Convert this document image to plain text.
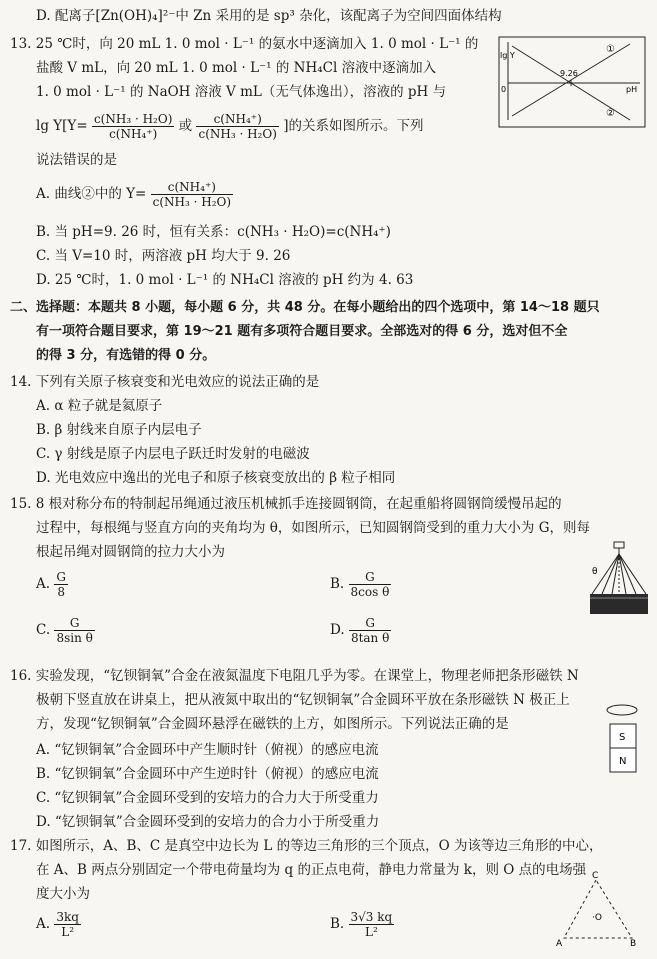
D. 配离子[Zn(OH)₄]²⁻中 Zn 采用的是 sp³ 杂化，该配离子为空间四面体结构
13. 25 ℃时，向 20 mL 1. 0 mol · L⁻¹ 的氨水中逐滴加入 1. 0 mol · L⁻¹ 的
盐酸 V mL，向 20 mL 1. 0 mol · L⁻¹ 的 NH₄Cl 溶液中逐滴加入
1. 0 mol · L⁻¹ 的 NaOH 溶液 V mL（无气体逸出），溶液的 pH 与
$\lg Y[Y= \frac{\text{c(NH₃ · H₂O)}}{\text{c(NH₄⁺)}}$ 或 $\frac{\text{c(NH₄⁺)}}{\text{c(NH₃ · H₂O)}}$ ]的关系如图所示。下列
说法错误的是
A. 曲线②中的 $Y= \frac{\text{c(NH₄⁺)}}{\text{c(NH₃ · H₂O)}}$
B. 当 pH=9. 26 时，恒有关系：c(NH₃ · H₂O)=c(NH₄⁺)
C. 当 V=10 时，两溶液 pH 均大于 9. 26
D. 25 ℃时，1. 0 mol · L⁻¹ 的 NH₄Cl 溶液的 pH 约为 4. 63
lg Y
pH
9.26
0
①
②
二、选择题：本题共 8 小题，每小题 6 分，共 48 分。在每小题给出的四个选项中，第 14～18 题只
有一项符合题目要求，第 19～21 题有多项符合题目要求。全部选对的得 6 分，选对但不全
的得 3 分，有选错的得 0 分。
14. 下列有关原子核衰变和光电效应的说法正确的是
A. α 粒子就是氦原子
B. β 射线来自原子内层电子
C. γ 射线是原子内层电子跃迁时发射的电磁波
D. 光电效应中逸出的光电子和原子核衰变放出的 β 粒子相同
15. 8 根对称分布的特制起吊绳通过液压机械抓手连接圆钢筒，在起重船将圆钢筒缓慢吊起的
过程中，每根绳与竖直方向的夹角均为 θ，如图所示，已知圆钢筒受到的重力大小为 G，则每
根起吊绳对圆钢筒的拉力大小为
A. $\frac{G}{8}$	B. $\frac{G}{\text{8cos θ}}$
C. $\frac{G}{\text{8sin θ}}$	D. $\frac{G}{\text{8tan θ}}$
θ
16. 实验发现，“钇钡铜氧”合金在液氮温度下电阻几乎为零。在课堂上，物理老师把条形磁铁 N
极朝下竖直放在讲桌上，把从液氮中取出的“钇钡铜氧”合金圆环平放在条形磁铁 N 极正上
方，发现“钇钡铜氧”合金圆环悬浮在磁铁的上方，如图所示。下列说法正确的是
A. “钇钡铜氧”合金圆环中产生顺时针（俯视）的感应电流
B. “钇钡铜氧”合金圆环中产生逆时针（俯视）的感应电流
C. “钇钡铜氧”合金圆环受到的安培力的合力大于所受重力
D. “钇钡铜氧”合金圆环受到的安培力的合力小于所受重力
S
N
17. 如图所示，A、B、C 是真空中边长为 L 的等边三角形的三个顶点，O 为该等边三角形的中心，
在 A、B 两点分别固定一个带电荷量均为 q 的正点电荷，静电力常量为 k，则 O 点的电场强
度大小为
A. $\frac{3kq}{\text{L²}}$	B. $\frac{3√3 kq}{\text{L²}}$
C
A	B
·O
